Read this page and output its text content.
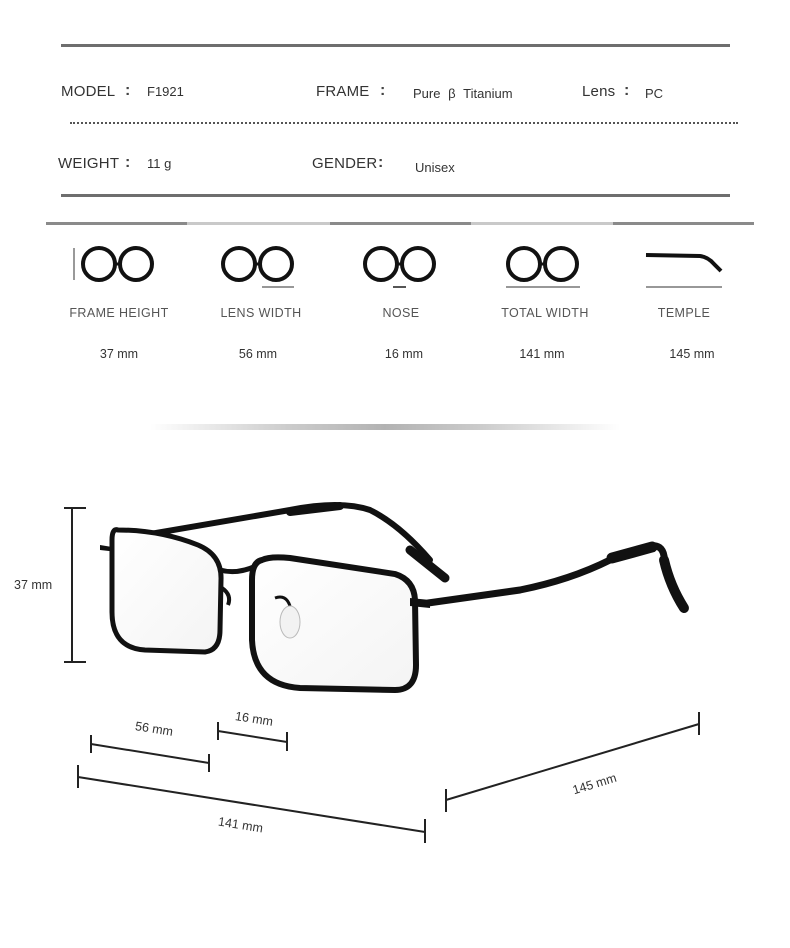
MODEL : F1921	FRAME : Pure β Titanium	Lens : PC
WEIGHT : 11 g	GENDER : Unisex
FRAME HEIGHT	LENS WIDTH	NOSE	TOTAL WIDTH	TEMPLE
37 mm	56 mm	16 mm	141 mm	145 mm

37 mm
56 mm
16 mm
141 mm
145 mm
